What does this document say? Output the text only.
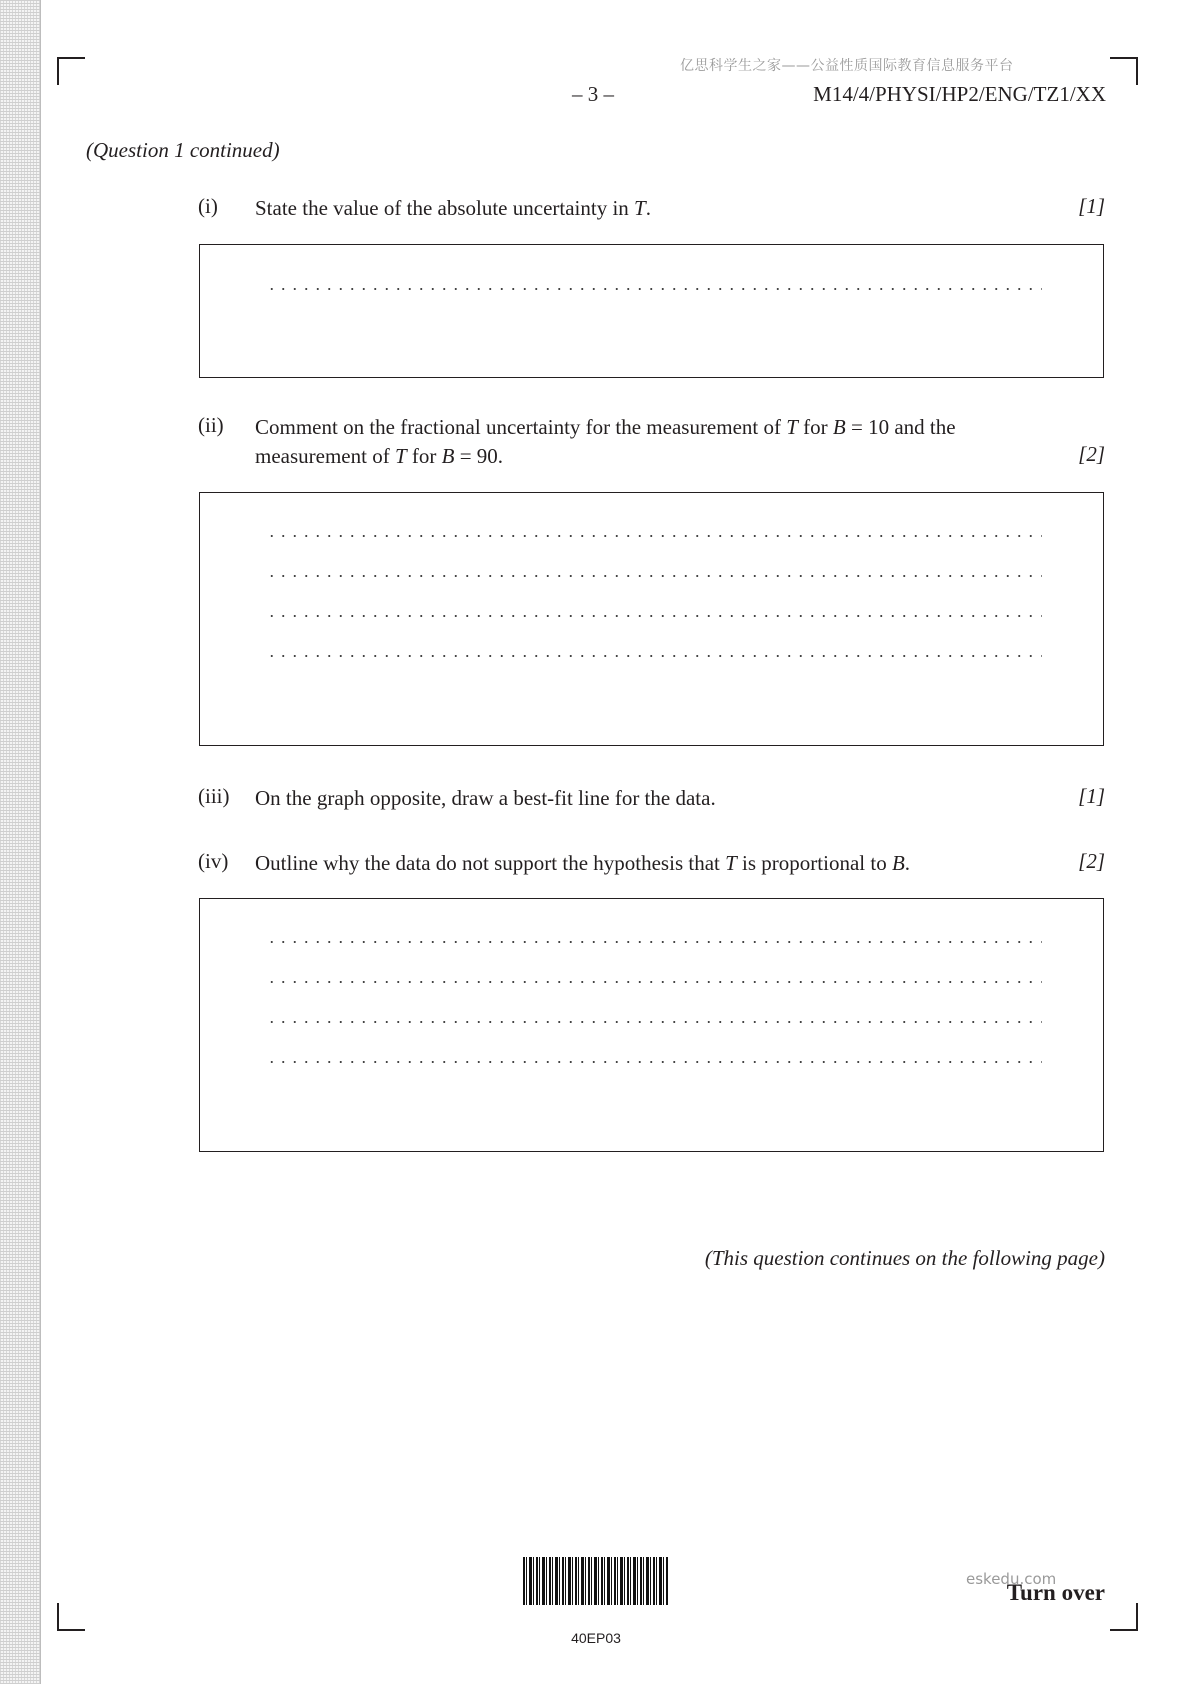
亿思科学生之家——公益性质国际教育信息服务平台
– 3 –	M14/4/PHYSI/HP2/ENG/TZ1/XX
(Question 1 continued)
(i) State the value of the absolute uncertainty in T.	[1]
(ii) Comment on the fractional uncertainty for the measurement of T for B = 10 and the
measurement of T for B = 90.	[2]
(iii) On the graph opposite, draw a best-fit line for the data.	[1]
(iv) Outline why the data do not support the hypothesis that T is proportional to B.	[2]
(This question continues on the following page)
40EP03
eskedu.com
Turn over
